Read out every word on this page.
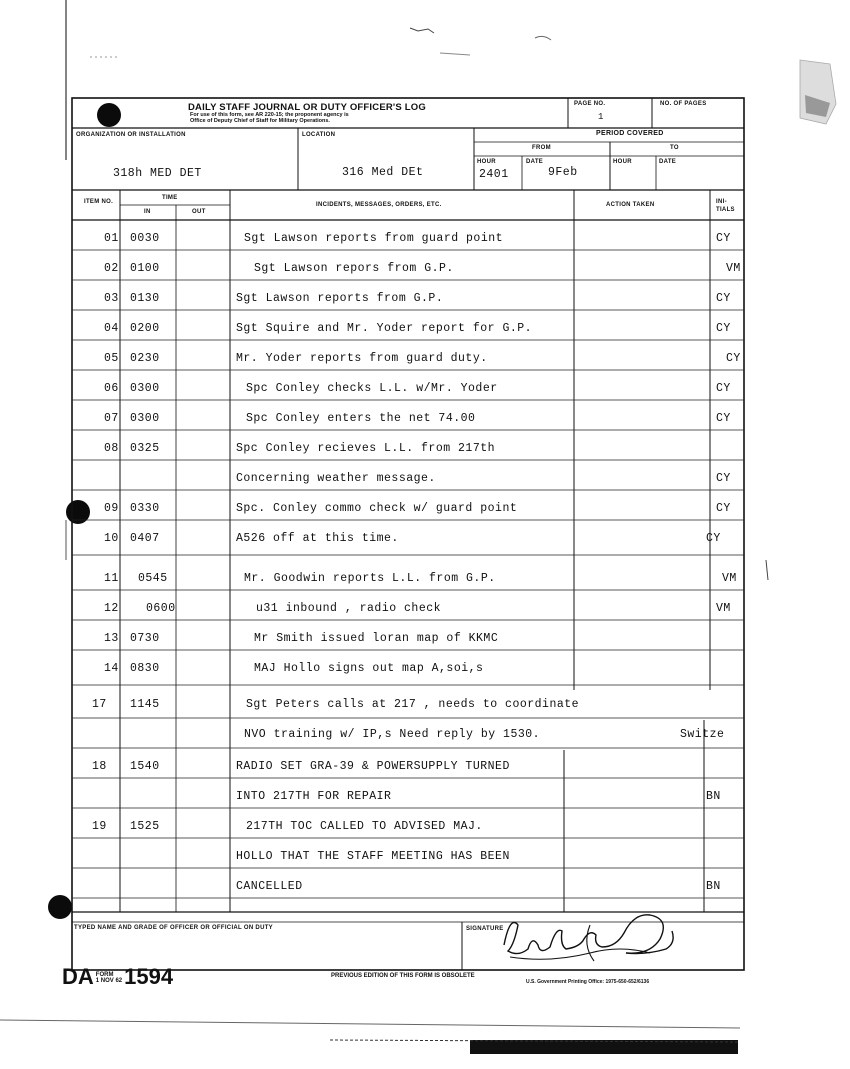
DAILY STAFF JOURNAL OR DUTY OFFICER'S LOG
For use of this form, see AR 220-15; the proponent agency is
Office of Deputy Chief of Staff for Military Operations.
PAGE NO.
1
NO. OF PAGES
ORGANIZATION OR INSTALLATION
318h MED DET
LOCATION
316 Med DEt
PERIOD COVERED
FROM	TO
HOUR	DATE	HOUR	DATE
2401	9Feb
ITEM NO.
TIME
IN	OUT
INCIDENTS, MESSAGES, ORDERS, ETC.	ACTION TAKEN	INI-TIALS
01 0030	Sgt Lawson reports from guard point	CY
02 0100	Sgt Lawson repors from G.P.	VM
03 0130	Sgt Lawson reports from G.P.	CY
04 0200	Sgt Squire and Mr. Yoder report for G.P.	CY
05 0230	Mr. Yoder reports from guard duty.	CY
06 0300	Spc Conley checks L.L. w/Mr. Yoder	CY
07 0300	Spc Conley enters the net 74.00	CY
08 0325	Spc Conley recieves L.L. from 217th
Concerning weather message.	CY
09 0330	Spc. Conley commo check w/ guard point	CY
10 0407	A526 off at this time.	CY
11 0545	Mr. Goodwin reports L.L. from G.P.	VM
12 0600	u31 inbound , radio check	VM
13 0730	Mr Smith issued loran map of KKMC
14 0830	MAJ Hollo signs out map A,soi,s
17 1145	Sgt Peters calls at 217 , needs to coordinate
NVO training w/ IP,s Need reply by 1530.	Switze
18 1540	RADIO SET GRA-39 & POWERSUPPLY TURNED
INTO 217TH FOR REPAIR	BN
19 1525	217TH TOC CALLED TO ADVISED MAJ.
HOLLO THAT THE STAFF MEETING HAS BEEN
CANCELLED	BN
TYPED NAME AND GRADE OF OFFICER OR OFFICIAL ON DUTY	SIGNATURE
DA FORM
1 NOV 621594	PREVIOUS EDITION OF THIS FORM IS OBSOLETE
U.S. Government Printing Office: 1975-650-652/6136
